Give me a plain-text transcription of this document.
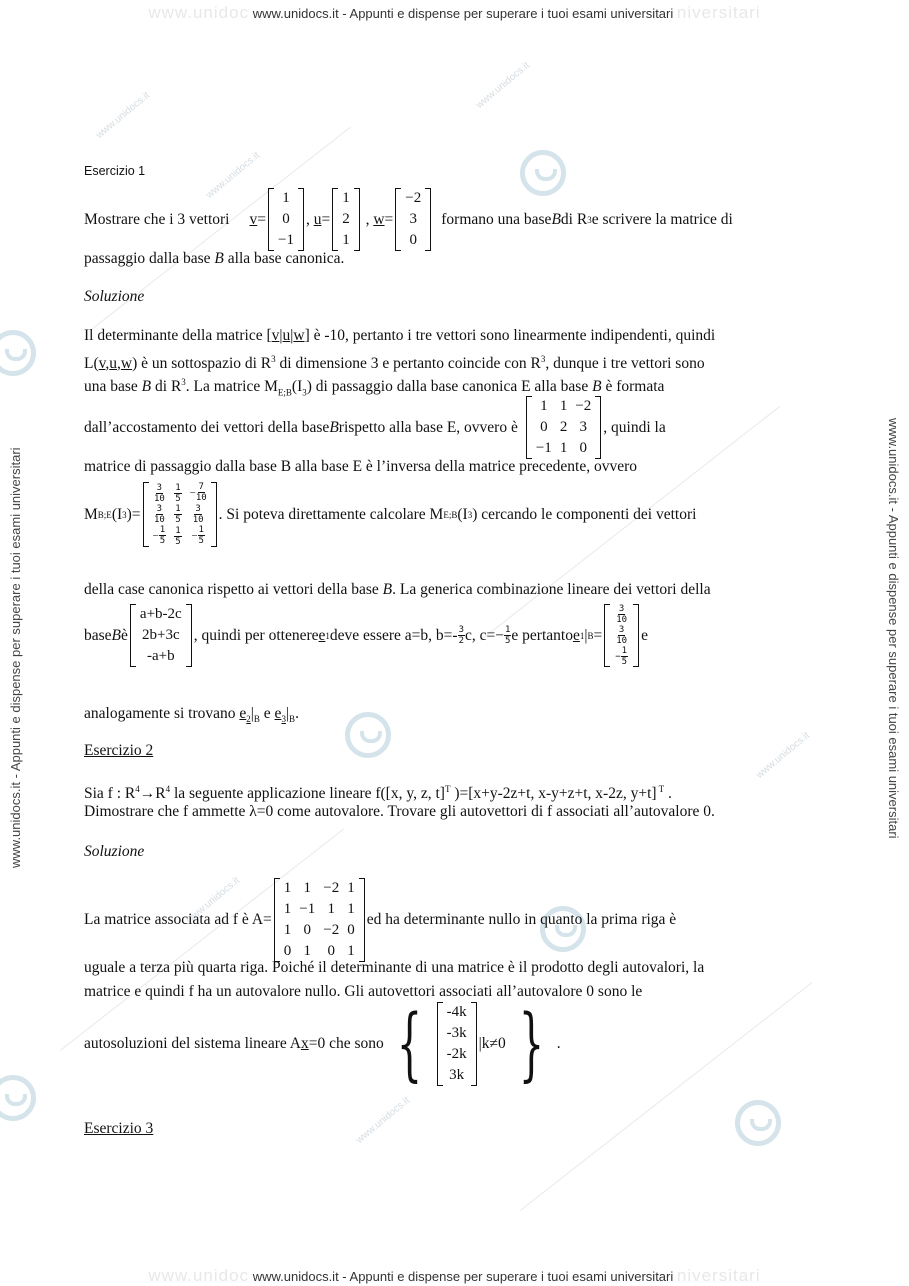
www.unidoc www.unidocs.it - Appunti e dispense per superare i tuoi esami universitari niversitari
www.unidoc www.unidocs.it - Appunti e dispense per superare i tuoi esami universitari niversitari
www.unidocs.it - Appunti e dispense per superare i tuoi esami universitari	www.unidocs.it - Appunti e dispense per superare i tuoi esami universitari
www.unidocs.it
www.unidocs.it
www.unidocs.it
www.unidocs.it
www.unidocs.it
www.unidocs.it
Esercizio 1
Mostrare che i 3 vettori v =
1
0
−1
, u =
1
2
1
, w =
−2
3
0
formano una base B di R 3 e scrivere la matrice di
passaggio dalla base B alla base canonica.
Soluzione
Il determinante della matrice [v|u|w] è -10, pertanto i tre vettori sono linearmente indipendenti, quindi
L(v,u,w) è un sottospazio di $R^3$ di dimensione 3 e pertanto coincide con $R^3$, dunque i tre vettori sono
una base B di $R^3$. La matrice $M_{E;B}(I_3)$ di passaggio dalla base canonica E alla base B è formata
dall’accostamento dei vettori della base B rispetto alla base E, ovvero è
1	1	−2
0	2	3
−1	1	0
, quindi la
matrice di passaggio dalla base B alla base E è l’inversa della matrice precedente, ovvero
M B;E (I 3 )=
$\frac{3}{10}$	$\frac{1}{5}$	− $\frac{7}{10}$

$\frac{3}{10}$	$\frac{1}{5}$	$\frac{3}{10}$

− $\frac{1}{5}$	$\frac{1}{5}$	− $\frac{1}{5}$
. Si poteva direttamente calcolare M E;B (I 3 ) cercando le componenti dei vettori
della case canonica rispetto ai vettori della base B. La generica combinazione lineare dei vettori della
base B è
a+b-2c
2b+3c
-a+b
, quindi per ottenere e 1 deve essere a=b, $b=- \frac{3}{2} c$, $c=- \frac{1}{5}$ e pertanto e 1 | B =
$\frac{3}{10}$

$\frac{3}{10}$

− $\frac{1}{5}$
e
analogamente si trovano $e_2|_B$ e $e_3|_B$.
Esercizio 2
Sia f : $R^4\to R^4$ la seguente applicazione lineare f([x, y, z, t]$^T$ )=[x+y-2z+t, x-y+z+t, x-2z, y+t] $^T$ .
Dimostrare che f ammette λ=0 come autovalore. Trovare gli autovettori di f associati all’autovalore 0.
Soluzione
La matrice associata ad f è A=
1	1	−2	1
1	−1	1	1
1	0	−2	0
0	1	0	1
ed ha determinante nullo in quanto la prima riga è
uguale a terza più quarta riga. Poiché il determinante di una matrice è il prodotto degli autovalori, la
matrice e quindi f ha un autovalore nullo. Gli autovettori associati all’autovalore 0 sono le
autosoluzioni del sistema lineare A x =0 che sono { -4k
-3k
-2k
3k
|k≠0 } .
Esercizio 3
